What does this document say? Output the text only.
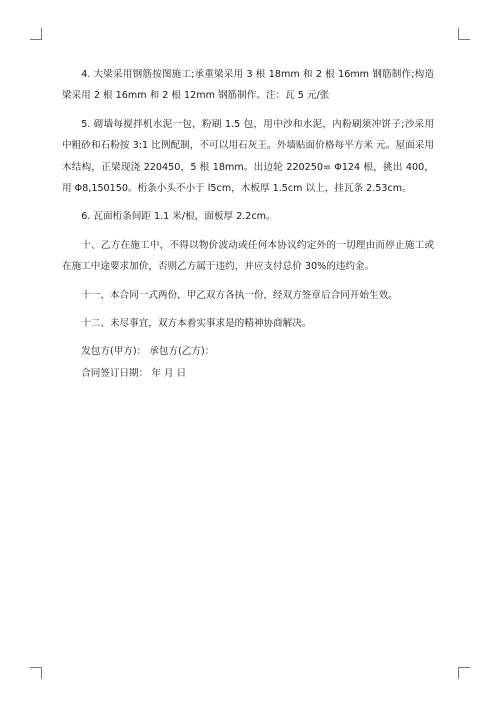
4. 大梁采用钢筋按图施工;承重梁采用 3 根 18mm 和 2 根 16mm 钢筋制作;构造梁采用 2 根 16mm 和 2 根 12mm 钢筋制作。注：瓦 5 元/张

5. 砌墙每搅拌机水泥一包，粉刷 1.5 包，用中沙和水泥，内粉刷须冲饼子;沙采用中粗砂和石粉按 3:1 比例配制，不可以用石灰王。外墙贴面价格每平方米 元。屋面采用木结构，正梁现浇 220450，5 根 18mm。出边轮 220250= Φ124 根，挑出 400，用 Φ8,150150。桁条小头不小于 l5cm，木板厚 1.5cm 以上，挂瓦条 2.53cm。

6. 瓦面桁条间距 1.1 米/根，面板厚 2.2cm。

十、乙方在施工中，不得以物价波动或任何本协议约定外的一切理由而停止施工或在施工中途要求加价，否则乙方属于违约，并应支付总价 30%的违约金。

十一、本合同一式两份，甲乙双方各执一份，经双方签章后合同开始生效。

十二、未尽事宜，双方本着实事求是的精神协商解决。

发包方(甲方)： 承包方(乙方)：

合同签订日期： 年 月 日
